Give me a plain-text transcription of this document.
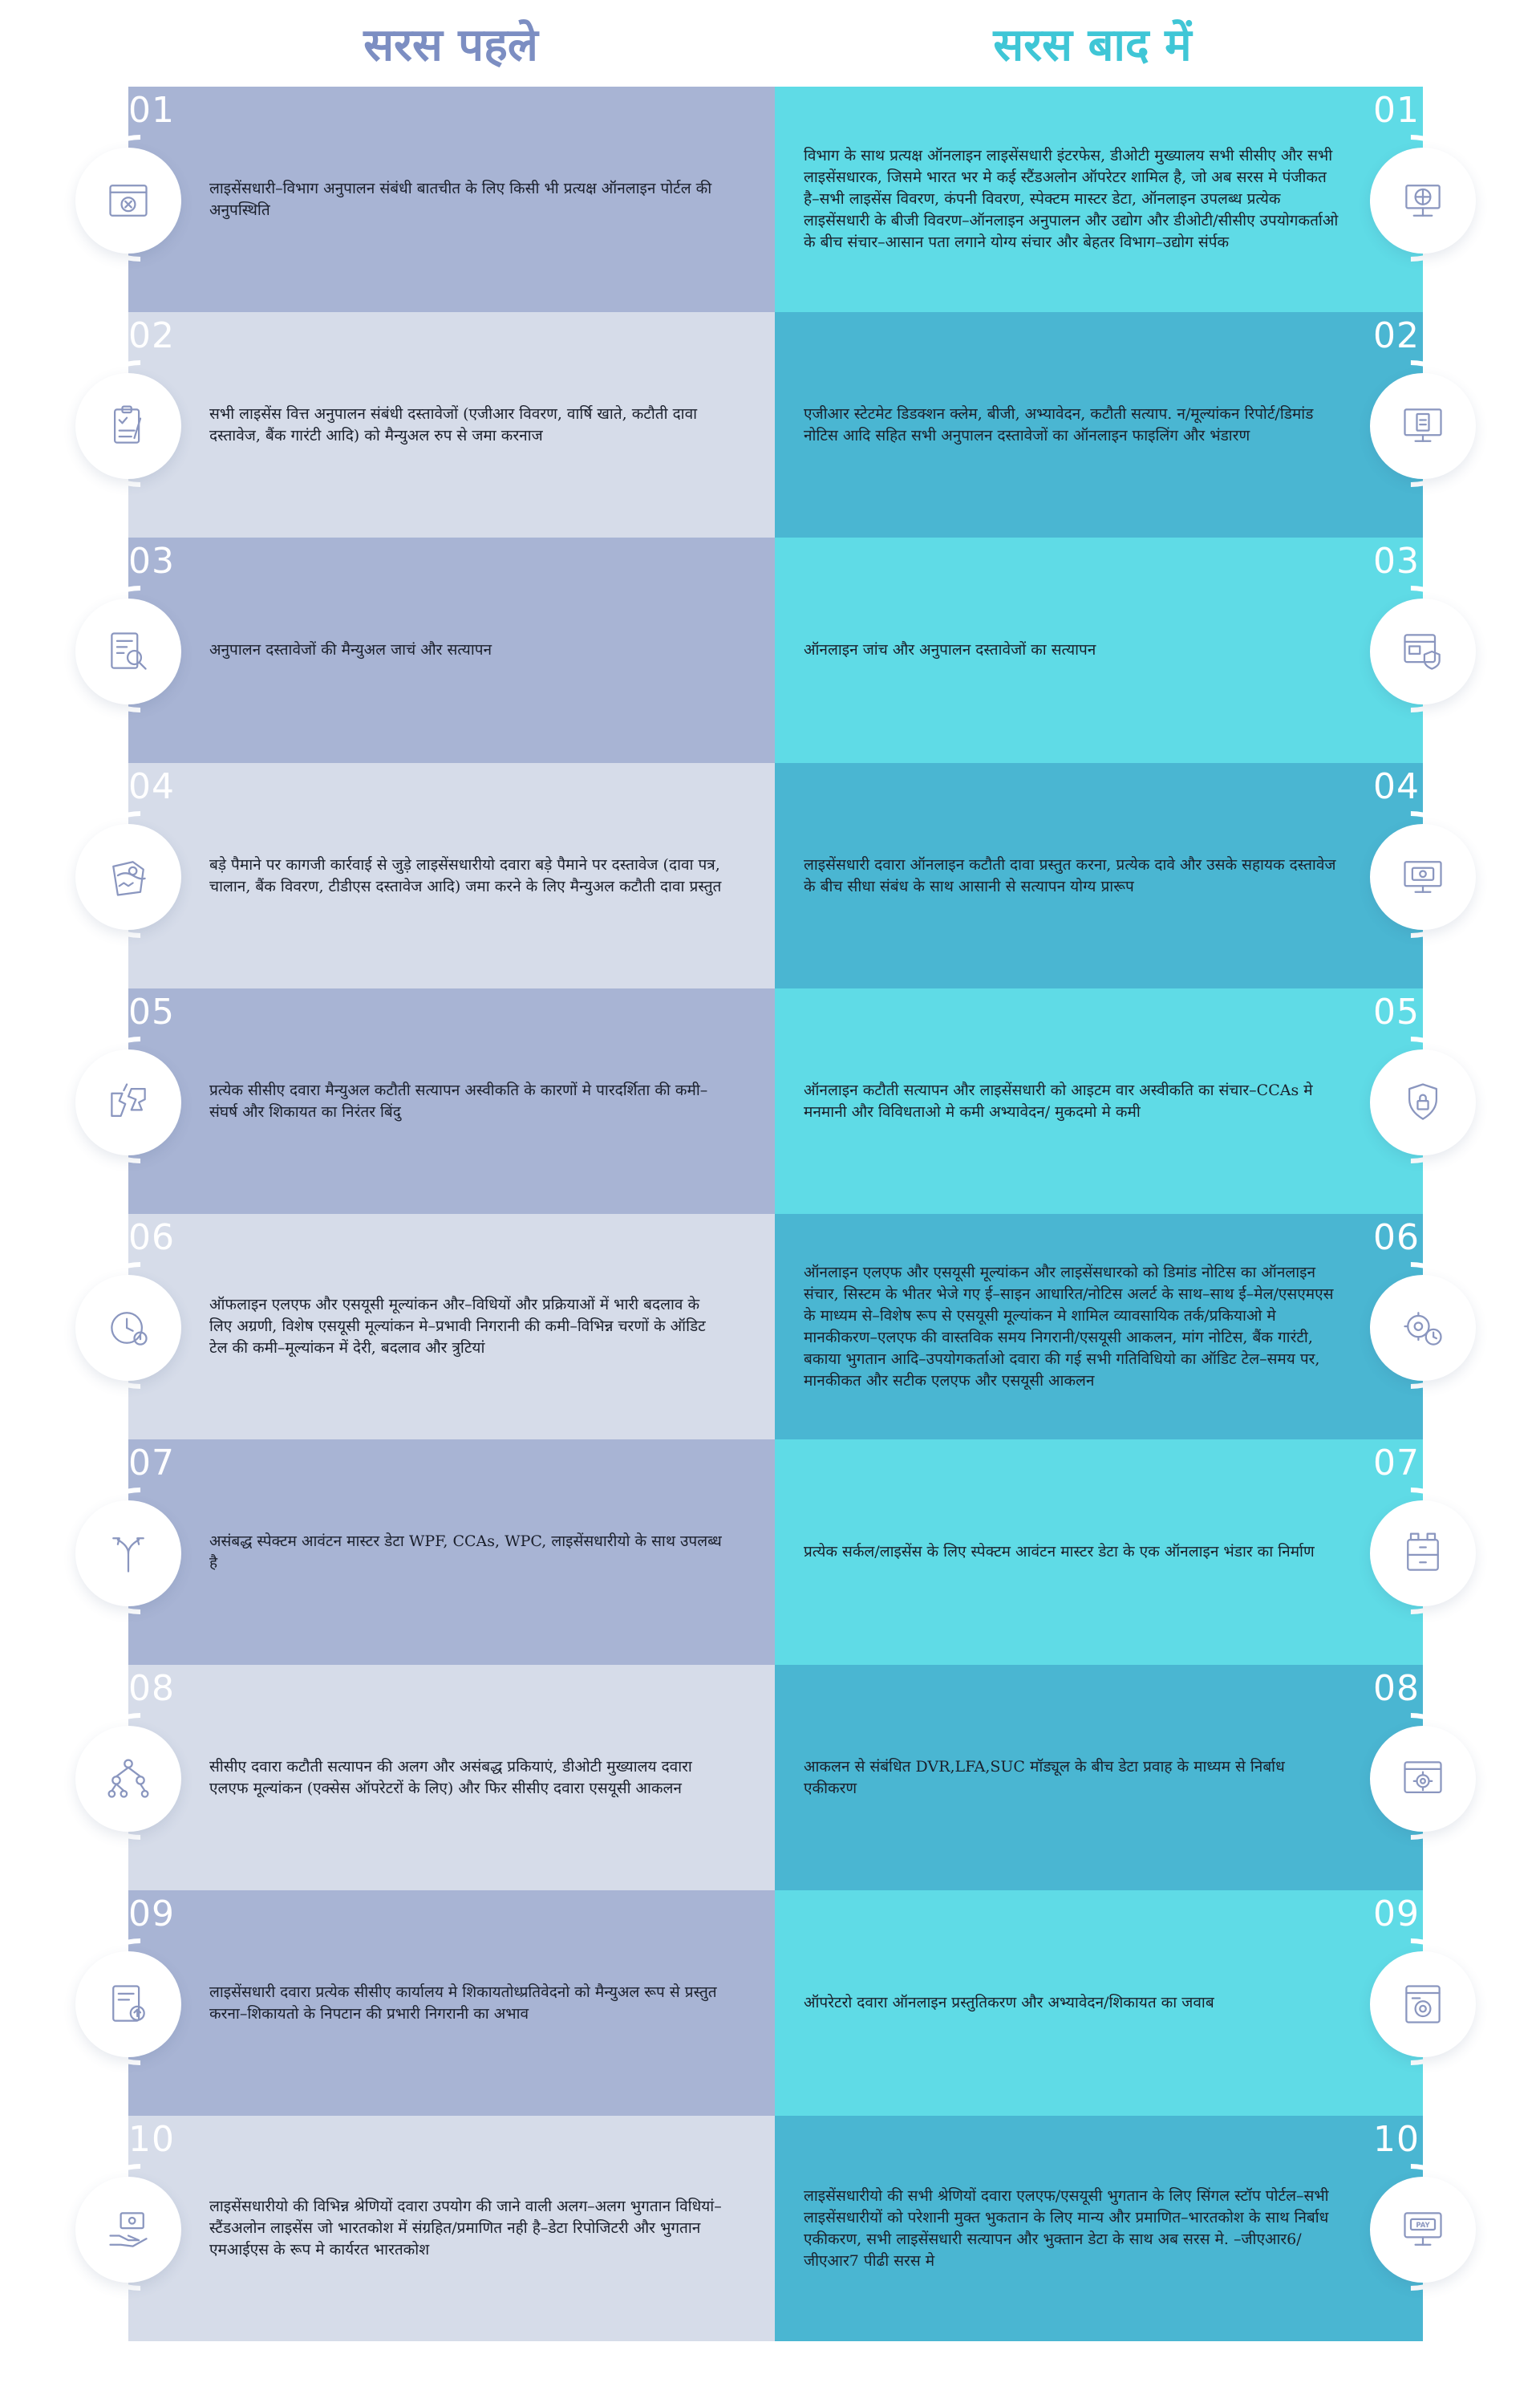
सरस पहले	सरस बाद में
01
लाइसेंसधारी–विभाग अनुपालन संबंधी बातचीत के लिए किसी भी प्रत्यक्ष ऑनलाइन पोर्टल की अनुपस्थिति
01
विभाग के साथ प्रत्यक्ष ऑनलाइन लाइसेंसधारी इंटरफेस, डीओटी मुख्यालय सभी सीसीए और सभी लाइसेंसधारक, जिसमे भारत भर मे कई स्टैंडअलोन ऑपरेटर शामिल है, जो अब सरस मे पंजीकत है–सभी लाइसेंस विवरण, कंपनी विवरण, स्पेक्टम मास्टर डेटा, ऑनलाइन उपलब्ध प्रत्येक लाइसेंसधारी के बीजी विवरण–ऑनलाइन अनुपालन और उद्योग और डीओटी/सीसीए उपयोगकर्ताओ के बीच संचार–आसान पता लगाने योग्य संचार और बेहतर विभाग–उद्योग संर्पक
02
सभी लाइसेंस वित्त अनुपालन संबंधी दस्तावेजों (एजीआर विवरण, वार्षि खाते, कटौती दावा दस्तावेज, बैंक गारंटी आदि) को मैन्युअल रुप से जमा करनाज
02
एजीआर स्टेटमेट डिडक्शन क्लेम, बीजी, अभ्यावेदन, कटौती सत्याप. न/मूल्यांकन रिपोर्ट/डिमांड नोटिस आदि सहित सभी अनुपालन दस्तावेजों का ऑनलाइन फाइलिंग और भंडारण
03
अनुपालन दस्तावेजों की मैन्युअल जाचं और सत्यापन
03
ऑनलाइन जांच और अनुपालन दस्तावेजों का सत्यापन
04
बड़े पैमाने पर कागजी कार्रवाई से जुड़े लाइसेंसधारीयो दवारा बड़े पैमाने पर दस्तावेज (दावा पत्र, चालान, बैंक विवरण, टीडीएस दस्तावेज आदि) जमा करने के लिए मैन्युअल कटौती दावा प्रस्तुत
04
लाइसेंसधारी दवारा ऑनलाइन कटौती दावा प्रस्तुत करना, प्रत्येक दावे और उसके सहायक दस्तावेज के बीच सीधा संबंध के साथ आसानी से सत्यापन योग्य प्रारूप
05
प्रत्येक सीसीए दवारा मैन्युअल कटौती सत्यापन अस्वीकति के कारणों मे पारदर्शिता की कमी–संघर्ष और शिकायत का निरंतर बिंदु
05
ऑनलाइन कटौती सत्यापन और लाइसेंसधारी को आइटम वार अस्वीकति का संचार–CCAs मे मनमानी और विविधताओ मे कमी अभ्यावेदन/ मुकदमो मे कमी
06
ऑफलाइन एलएफ और एसयूसी मूल्यांकन और–विधियों और प्रक्रियाओं में भारी बदलाव के लिए अग्रणी, विशेष एसयूसी मूल्यांकन मे–प्रभावी निगरानी की कमी–विभिन्न चरणों के ऑडिट टेल की कमी–मूल्यांकन में देरी, बदलाव और त्रुटियां
06
ऑनलाइन एलएफ और एसयूसी मूल्यांकन और लाइसेंसधारको को डिमांड नोटिस का ऑनलाइन संचार, सिस्टम के भीतर भेजे गए ई–साइन आधारित/नोटिस अलर्ट के साथ–साथ ई–मेल/एसएमएस के माध्यम से–विशेष रूप से एसयूसी मूल्यांकन मे शामिल व्यावसायिक तर्क/प्रकियाओ मे मानकीकरण–एलएफ की वास्तविक समय निगरानी/एसयूसी आकलन, मांग नोटिस, बैंक गारंटी, बकाया भुगतान आदि–उपयोगकर्ताओ दवारा की गई सभी गतिविधियो का ऑडिट टेल–समय पर, मानकीकत और सटीक एलएफ और एसयूसी आकलन
07
असंबद्ध स्पेक्टम आवंटन मास्टर डेटा WPF, CCAs, WPC, लाइसेंसधारीयो के साथ उपलब्ध है
07
प्रत्येक सर्कल/लाइसेंस के लिए स्पेक्टम आवंटन मास्टर डेटा के एक ऑनलाइन भंडार का निर्माण
08
सीसीए दवारा कटौती सत्यापन की अलग और असंबद्ध प्रकियाएं, डीओटी मुख्यालय दवारा एलएफ मूल्यांकन (एक्सेस ऑपरेटरों के लिए) और फिर सीसीए दवारा एसयूसी आकलन
08
आकलन से संबंधित DVR,LFA,SUC मॉड्यूल के बीच डेटा प्रवाह के माध्यम से निर्बाध एकीकरण
09
लाइसेंसधारी दवारा प्रत्येक सीसीए कार्यालय मे शिकायतोध्प्रतिवेदनो को मैन्युअल रूप से प्रस्तुत करना–शिकायतो के निपटान की प्रभारी निगरानी का अभाव
09
ऑपरेटरो दवारा ऑनलाइन प्रस्तुतिकरण और अभ्यावेदन/शिकायत का जवाब
10
लाइसेंसधारीयो की विभिन्न श्रेणियों दवारा उपयोग की जाने वाली अलग–अलग भुगतान विधियां–स्टैंडअलोन लाइसेंस जो भारतकोश में संग्रहित/प्रमाणित नही है–डेटा रिपोजिटरी और भुगतान एमआईएस के रूप मे कार्यरत भारतकोश
10
PAY
लाइसेंसधारीयो की सभी श्रेणियों दवारा एलएफ/एसयूसी भुगतान के लिए सिंगल स्टॉप पोर्टल–सभी लाइसेंसधारीयों को परेशानी मुक्त भुकतान के लिए मान्य और प्रमाणित–भारतकोश के साथ निर्बाध एकीकरण, सभी लाइसेंसधारी सत्यापन और भुक्तान डेटा के साथ अब सरस मे. –जीएआर6/जीएआर7 पीढी सरस मे
